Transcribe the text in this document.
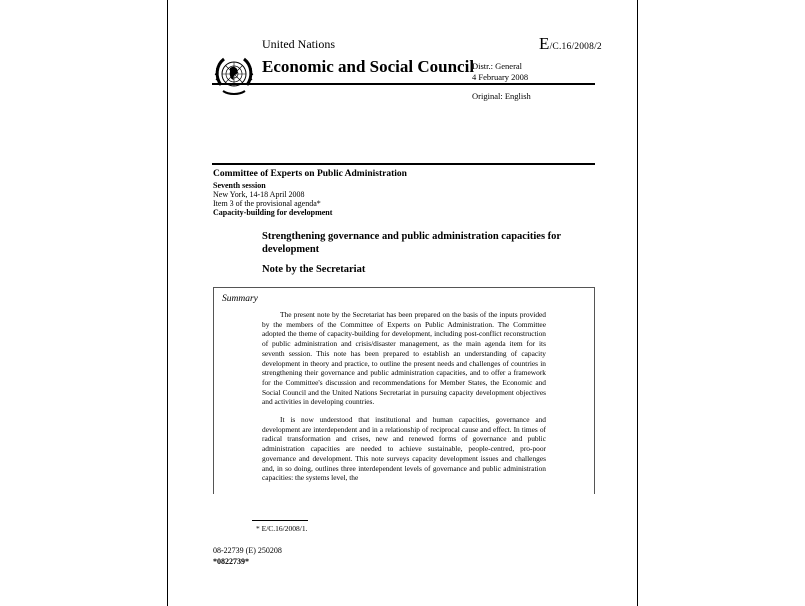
United Nations	E/C.16/2008/2
Economic and Social Council
Distr.: General
4 February 2008
Original: English
Committee of Experts on Public Administration
Seventh session
New York, 14-18 April 2008
Item 3 of the provisional agenda*
Capacity-building for development
Strengthening governance and public administration capacities for development
Note by the Secretariat
Summary
The present note by the Secretariat has been prepared on the basis of the inputs provided by the members of the Committee of Experts on Public Administration. The Committee adopted the theme of capacity-building for development, including post-conflict reconstruction of public administration and crisis/disaster management, as the main agenda item for its seventh session. This note has been prepared to establish an understanding of capacity development in theory and practice, to outline the present needs and challenges of countries in strengthening their governance and public administration capacities, and to offer a framework for the Committee's discussion and recommendations for Member States, the Economic and Social Council and the United Nations Secretariat in pursuing capacity development objectives and activities in developing countries.
It is now understood that institutional and human capacities, governance and development are interdependent and in a relationship of reciprocal cause and effect. In times of radical transformation and crises, new and renewed forms of governance and public administration capacities are needed to achieve sustainable, people-centred, pro-poor governance and development. This note surveys capacity development issues and challenges and, in so doing, outlines three interdependent levels of governance and public administration capacities: the systems level, the
* E/C.16/2008/1.
08-22739 (E) 250208
*0822739*
